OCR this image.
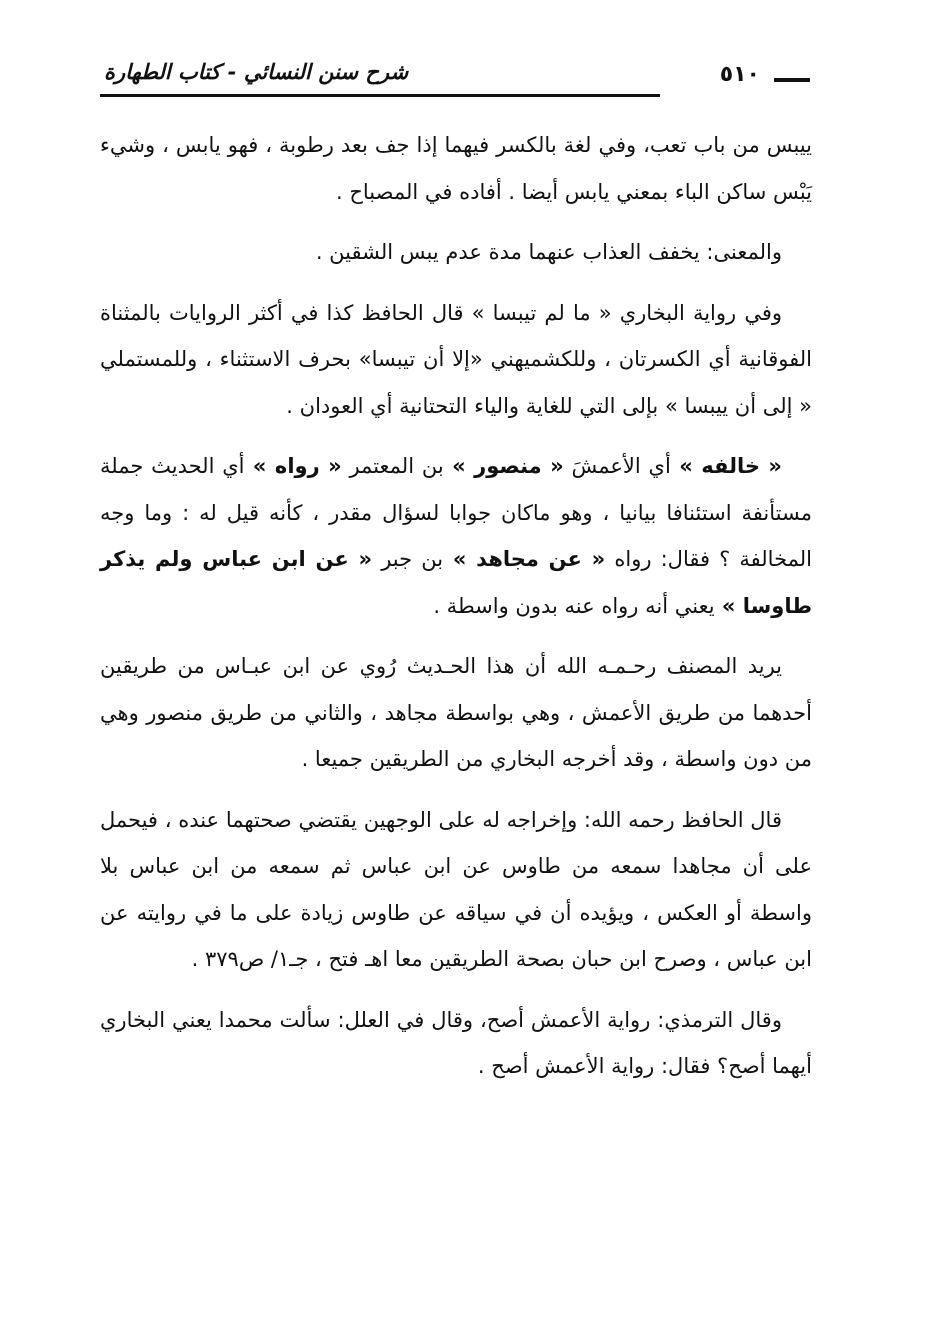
شرح سنن النسائي - كتاب الطهارة	٥١٠

ييبس من باب تعب، وفي لغة بالكسر فيهما إذا جف بعد رطوبة ، فهو يابس ، وشيء يَبْس ساكن الباء بمعني يابس أيضا . أفاده في المصباح .

والمعنى: يخفف العذاب عنهما مدة عدم يبس الشقين .

وفي رواية البخاري « ما لم تيبسا » قال الحافظ كذا في أكثر الروايات بالمثناة الفوقانية أي الكسرتان ، وللكشميهني «إلا أن تيبسا» بحرف الاستثناء ، وللمستملي « إلى أن ييبسا » بإلى التي للغاية والياء التحتانية أي العودان .

« خالفه » أي الأعمشَ « منصور » بن المعتمر « رواه » أي الحديث جملة مستأنفة استئنافا بيانيا ، وهو ماكان جوابا لسؤال مقدر ، كأنه قيل له : وما وجه المخالفة ؟ فقال: رواه « عن مجاهد » بن جبر « عن ابن عباس ولم يذكر طاوسا » يعني أنه رواه عنه بدون واسطة .

يريد المصنف رحـمـه الله أن هذا الحـديث رُوي عن ابن عبـاس من طريقين أحدهما من طريق الأعمش ، وهي بواسطة مجاهد ، والثاني من طريق منصور وهي من دون واسطة ، وقد أخرجه البخاري من الطريقين جميعا .

قال الحافظ رحمه الله: وإخراجه له على الوجهين يقتضي صحتهما عنده ، فيحمل على أن مجاهدا سمعه من طاوس عن ابن عباس ثم سمعه من ابن عباس بلا واسطة أو العكس ، ويؤيده أن في سياقه عن طاوس زيادة على ما في روايته عن ابن عباس ، وصرح ابن حبان بصحة الطريقين معا اهـ فتح ، جـ١/ ص٣٧٩ .

وقال الترمذي: رواية الأعمش أصح، وقال في العلل: سألت محمدا يعني البخاري أيهما أصح؟ فقال: رواية الأعمش أصح .
